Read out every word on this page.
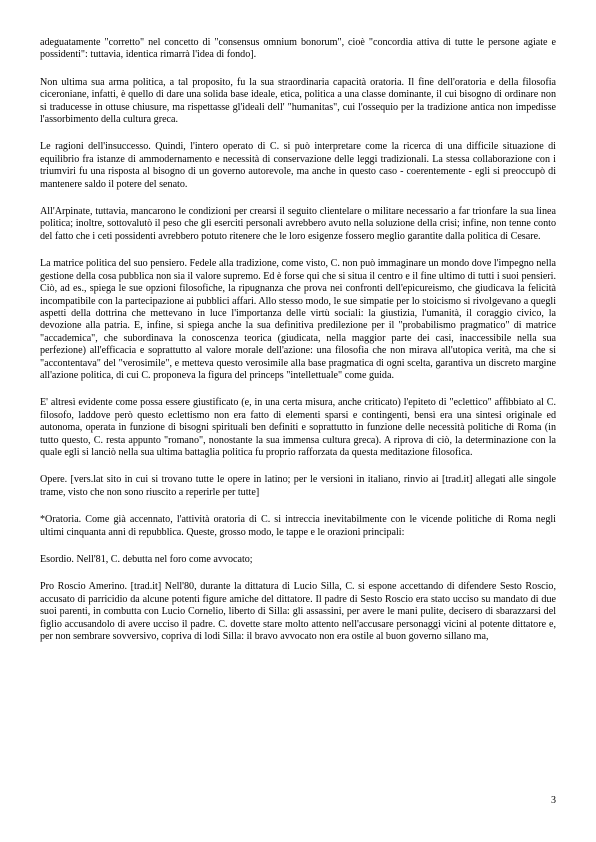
adeguatamente "corretto" nel concetto di "consensus omnium bonorum", cioè "concordia attiva di tutte le persone agiate e possidenti": tuttavia, identica rimarrà l'idea di fondo].

Non ultima sua arma politica, a tal proposito, fu la sua straordinaria capacità oratoria. Il fine dell'oratoria e della filosofia ciceroniane, infatti, è quello di dare una solida base ideale, etica, politica a una classe dominante, il cui bisogno di ordinare non si traducesse in ottuse chiusure, ma rispettasse gl'ideali dell' "humanitas", cui l'ossequio per la tradizione antica non impedisse l'assorbimento della cultura greca.

Le ragioni dell'insuccesso. Quindi, l'intero operato di C. si può interpretare come la ricerca di una difficile situazione di equilibrio fra istanze di ammodernamento e necessità di conservazione delle leggi tradizionali. La stessa collaborazione con i triumviri fu una risposta al bisogno di un governo autorevole, ma anche in questo caso - coerentemente - egli si preoccupò di mantenere saldo il potere del senato.

All'Arpinate, tuttavia, mancarono le condizioni per crearsi il seguito clientelare o militare necessario a far trionfare la sua linea politica; inoltre, sottovalutò il peso che gli eserciti personali avrebbero avuto nella soluzione della crisi; infine, non tenne conto del fatto che i ceti possidenti avrebbero potuto ritenere che le loro esigenze fossero meglio garantite dalla politica di Cesare.

La matrice politica del suo pensiero. Fedele alla tradizione, come visto, C. non può immaginare un mondo dove l'impegno nella gestione della cosa pubblica non sia il valore supremo. Ed è forse qui che si situa il centro e il fine ultimo di tutti i suoi pensieri. Ciò, ad es., spiega le sue opzioni filosofiche, la ripugnanza che prova nei confronti dell'epicureismo, che giudicava la felicità incompatibile con la partecipazione ai pubblici affari. Allo stesso modo, le sue simpatie per lo stoicismo si rivolgevano a quegli aspetti della dottrina che mettevano in luce l'importanza delle virtù sociali: la giustizia, l'umanità, il coraggio civico, la devozione alla patria. E, infine, si spiega anche la sua definitiva predilezione per il "probabilismo pragmatico" di matrice "accademica", che subordinava la conoscenza teorica (giudicata, nella maggior parte dei casi, inaccessibile nella sua perfezione) all'efficacia e soprattutto al valore morale dell'azione: una filosofia che non mirava all'utopica verità, ma che si "accontentava" del "verosimile", e metteva questo verosimile alla base pragmatica di ogni scelta, garantiva un discreto margine all'azione politica, di cui C. proponeva la figura del princeps "intellettuale" come guida.

E' altresì evidente come possa essere giustificato (e, in una certa misura, anche criticato) l'epiteto di "eclettico" affibbiato al C. filosofo, laddove però questo eclettismo non era fatto di elementi sparsi e contingenti, bensì era una sintesi originale ed autonoma, operata in funzione di bisogni spirituali ben definiti e soprattutto in funzione delle necessità politiche di Roma (in tutto questo, C. resta appunto "romano", nonostante la sua immensa cultura greca). A riprova di ciò, la determinazione con la quale egli si lanciò nella sua ultima battaglia politica fu proprio rafforzata da questa meditazione filosofica.

Opere. [vers.lat sito in cui si trovano tutte le opere in latino; per le versioni in italiano, rinvio ai [trad.it] allegati alle singole trame, visto che non sono riuscito a reperirle per tutte]

*Oratoria. Come già accennato, l'attività oratoria di C. si intreccia inevitabilmente con le vicende politiche di Roma negli ultimi cinquanta anni di repubblica. Queste, grosso modo, le tappe e le orazioni principali:

Esordio. Nell'81, C. debutta nel foro come avvocato;

Pro Roscio Amerino. [trad.it] Nell'80, durante la dittatura di Lucio Silla, C. si espone accettando di difendere Sesto Roscio, accusato di parricidio da alcune potenti figure amiche del dittatore. Il padre di Sesto Roscio era stato ucciso su mandato di due suoi parenti, in combutta con Lucio Cornelio, liberto di Silla: gli assassini, per avere le mani pulite, decisero di sbarazzarsi del figlio accusandolo di avere ucciso il padre. C. dovette stare molto attento nell'accusare personaggi vicini al potente dittatore e, per non sembrare sovversivo, copriva di lodi Silla: il bravo avvocato non era ostile al buon governo sillano ma,

3
